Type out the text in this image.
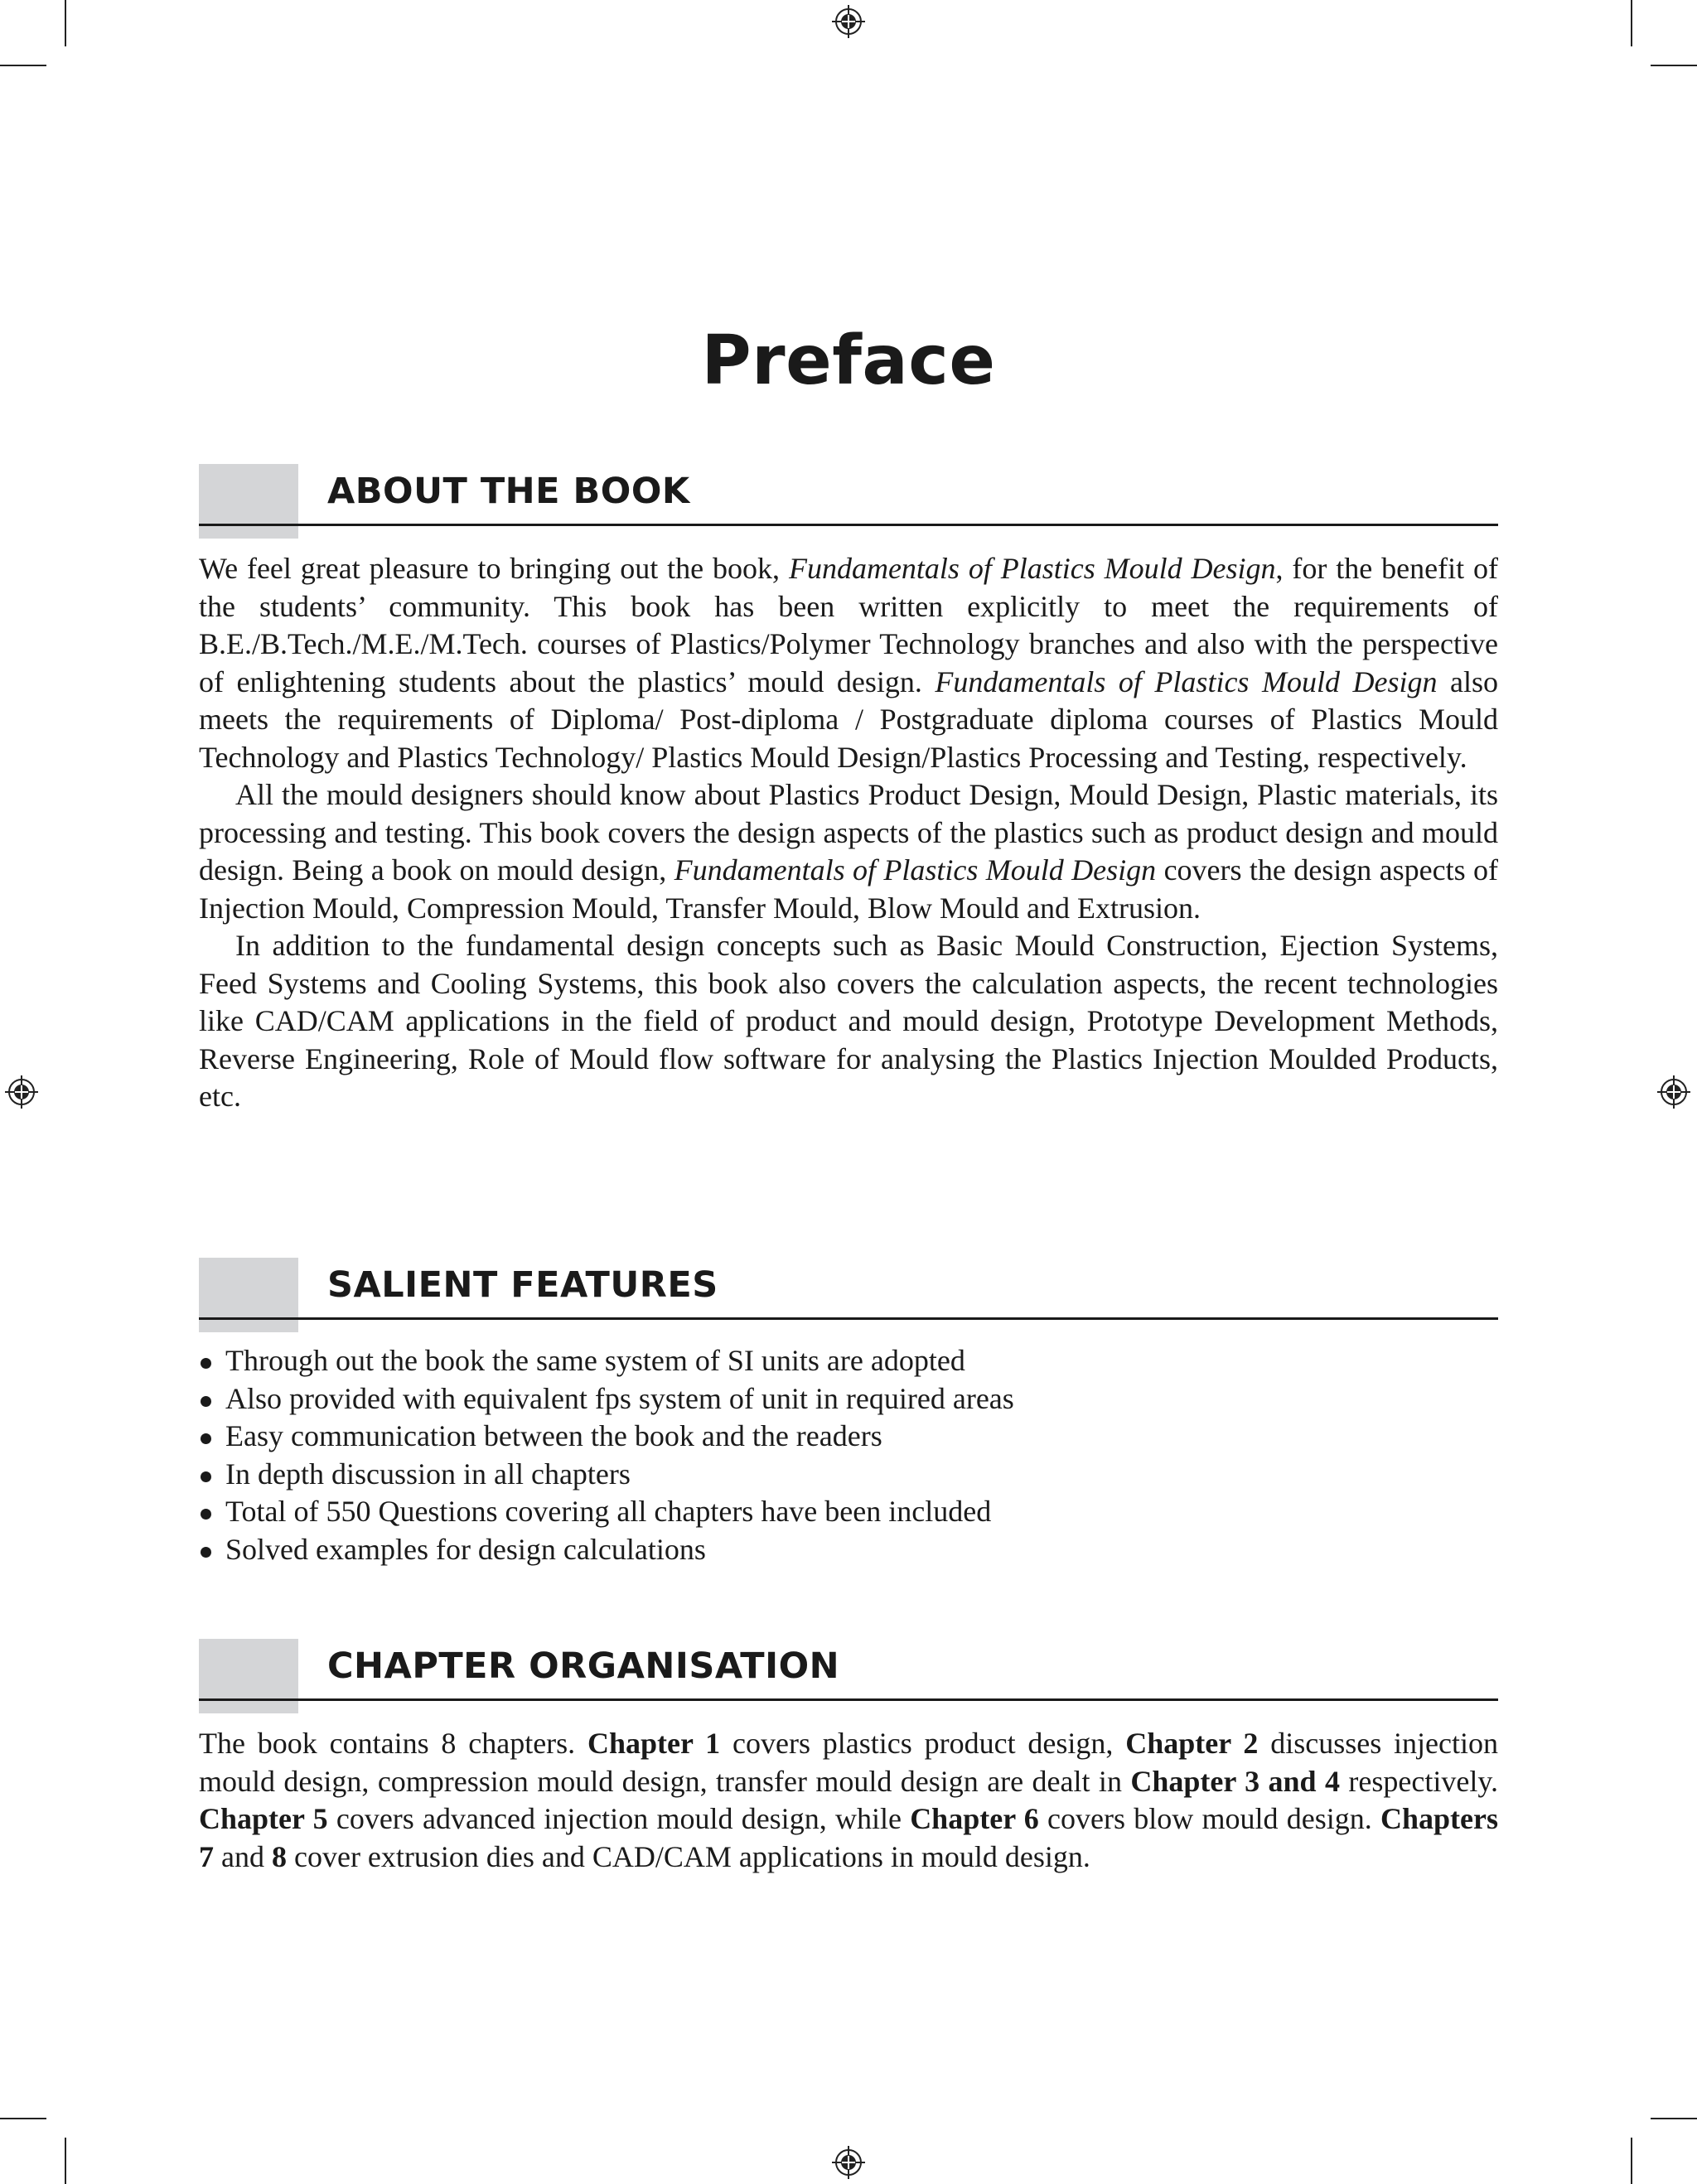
Preface
ABOUT THE BOOK

We feel great pleasure to bringing out the book, Fundamentals of Plastics Mould Design, for the benefit of the students’ community. This book has been written explicitly to meet the requirements of B.E./B.Tech./M.E./M.Tech. courses of Plastics/Polymer Technology branches and also with the perspective of enlightening students about the plastics’ mould design. Fundamentals of Plastics Mould Design also meets the requirements of Diploma/ Post-diploma / Postgraduate diploma courses of Plastics Mould Technology and Plastics Technology/ Plastics Mould Design/Plastics Processing and Testing, respectively.

All the mould designers should know about Plastics Product Design, Mould Design, Plastic materials, its processing and testing. This book covers the design aspects of the plastics such as product design and mould design. Being a book on mould design, Fundamentals of Plastics Mould Design covers the design aspects of Injection Mould, Compression Mould, Transfer Mould, Blow Mould and Extrusion.

In addition to the fundamental design concepts such as Basic Mould Construction, Ejection Systems, Feed Systems and Cooling Systems, this book also covers the calculation aspects, the recent technologies like CAD/CAM applications in the field of product and mould design, Prototype Development Methods, Reverse Engineering, Role of Mould flow software for analysing the Plastics Injection Moulded Products, etc.

SALIENT FEATURES
Through out the book the same system of SI units are adopted
Also provided with equivalent fps system of unit in required areas
Easy communication between the book and the readers
In depth discussion in all chapters
Total of 550 Questions covering all chapters have been included
Solved examples for design calculations
CHAPTER ORGANISATION

The book contains 8 chapters. Chapter 1 covers plastics product design, Chapter 2 discusses injection mould design, compression mould design, transfer mould design are dealt in Chapter 3 and 4 respectively. Chapter 5 covers advanced injection mould design, while Chapter 6 covers blow mould design. Chapters 7 and 8 cover extrusion dies and CAD/CAM applications in mould design.
